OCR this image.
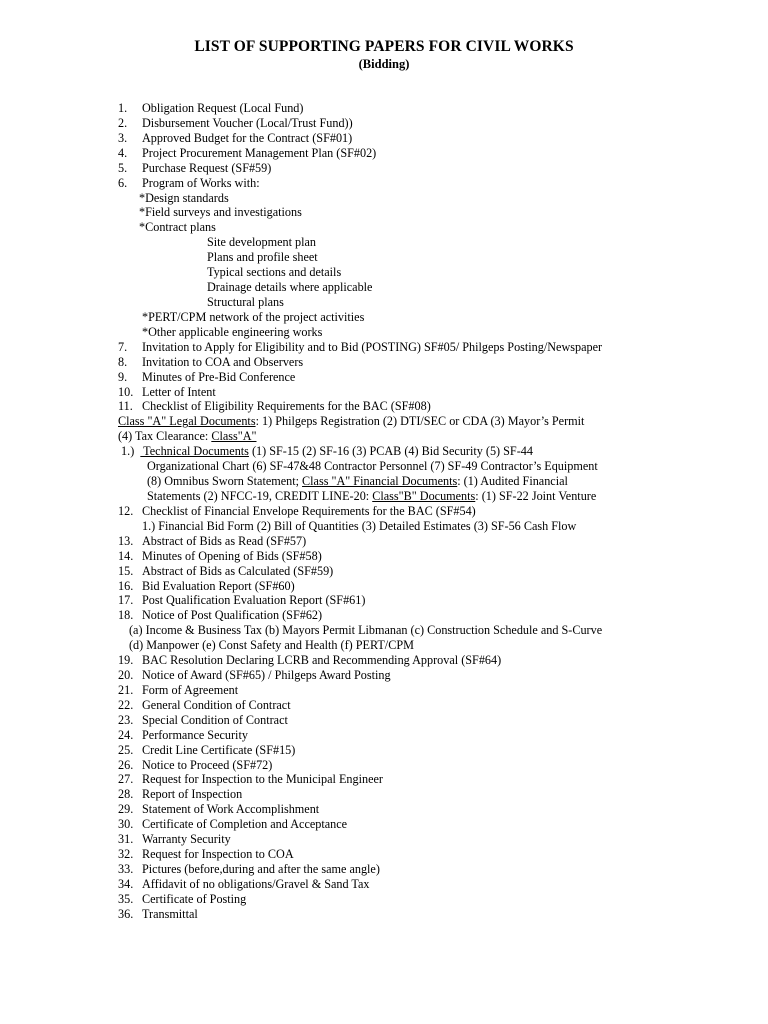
LIST OF SUPPORTING PAPERS FOR CIVIL WORKS
(Bidding)
1. Obligation Request (Local Fund)
2. Disbursement Voucher (Local/Trust Fund))
3. Approved Budget for the Contract (SF#01)
4. Project Procurement Management Plan (SF#02)
5. Purchase Request (SF#59)
6. Program of Works with:
*Design standards
*Field surveys and investigations
*Contract plans
Site development plan
Plans and profile sheet
Typical sections and details
Drainage details where applicable
Structural plans
*PERT/CPM network of the project activities
*Other applicable engineering works
7. Invitation to Apply for Eligibility and to Bid (POSTING) SF#05/ Philgeps Posting/Newspaper
8. Invitation to COA and Observers
9. Minutes of Pre-Bid Conference
10. Letter of Intent
11. Checklist of Eligibility Requirements for the BAC (SF#08)
Class "A" Legal Documents: 1) Philgeps Registration (2) DTI/SEC or CDA (3) Mayor’s Permit
(4) Tax Clearance: Class"A"
1.)   Technical Documents (1) SF-15 (2) SF-16 (3) PCAB (4) Bid Security (5) SF-44
Organizational Chart (6) SF-47&48 Contractor Personnel (7) SF-49 Contractor’s Equipment
(8) Omnibus Sworn Statement; Class "A" Financial Documents: (1) Audited Financial
Statements (2) NFCC-19, CREDIT LINE-20: Class"B" Documents: (1) SF-22 Joint Venture
12. Checklist of Financial Envelope Requirements for the BAC (SF#54)
1.) Financial Bid Form (2) Bill of Quantities (3) Detailed Estimates (3) SF-56 Cash Flow
13. Abstract of Bids as Read (SF#57)
14. Minutes of Opening of Bids (SF#58)
15. Abstract of Bids as Calculated (SF#59)
16. Bid Evaluation Report (SF#60)
17. Post Qualification Evaluation Report (SF#61)
18. Notice of Post Qualification (SF#62)
(a) Income & Business Tax (b) Mayors Permit Libmanan (c) Construction Schedule and S-Curve
(d) Manpower (e) Const Safety and Health (f) PERT/CPM
19. BAC Resolution Declaring LCRB and Recommending Approval (SF#64)
20. Notice of Award (SF#65) / Philgeps Award Posting
21. Form of Agreement
22. General Condition of Contract
23. Special Condition of Contract
24. Performance Security
25. Credit Line Certificate (SF#15)
26. Notice to Proceed (SF#72)
27. Request for Inspection to the Municipal Engineer
28. Report of Inspection
29. Statement of Work Accomplishment
30. Certificate of Completion and Acceptance
31. Warranty Security
32. Request for Inspection to COA
33. Pictures (before,during and after the same angle)
34. Affidavit of no obligations/Gravel & Sand Tax
35. Certificate of Posting
36. Transmittal
